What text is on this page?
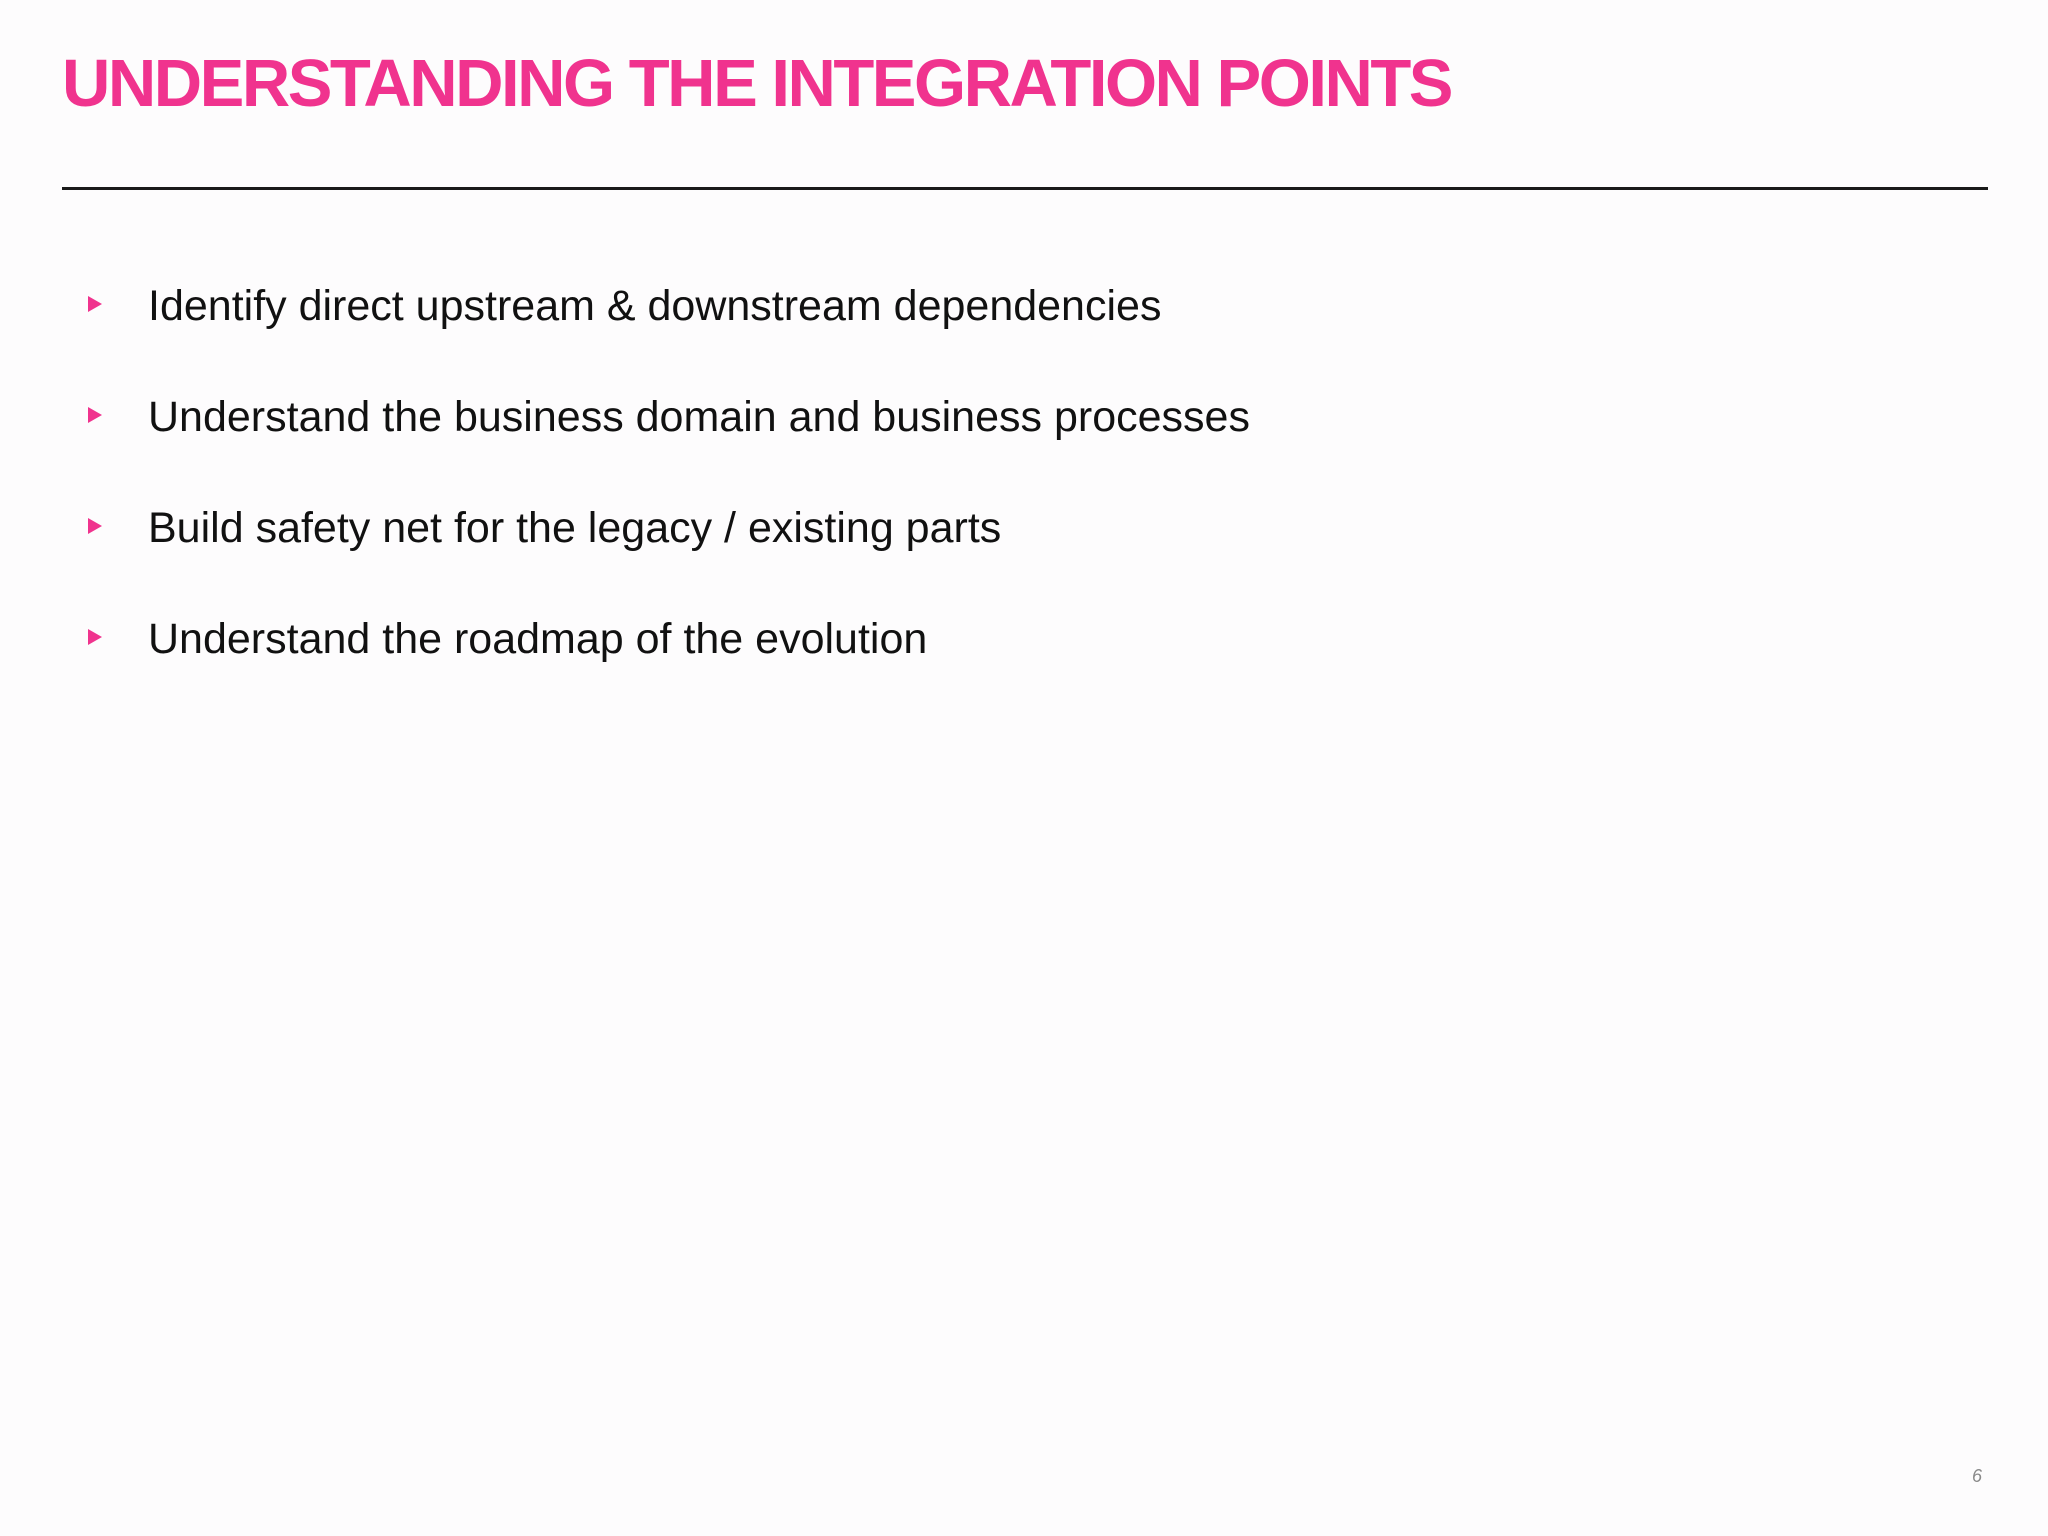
UNDERSTANDING THE INTEGRATION POINTS
Identify direct upstream & downstream dependencies
Understand the business domain and business processes
Build safety net for the legacy / existing parts
Understand the roadmap of the evolution
6
